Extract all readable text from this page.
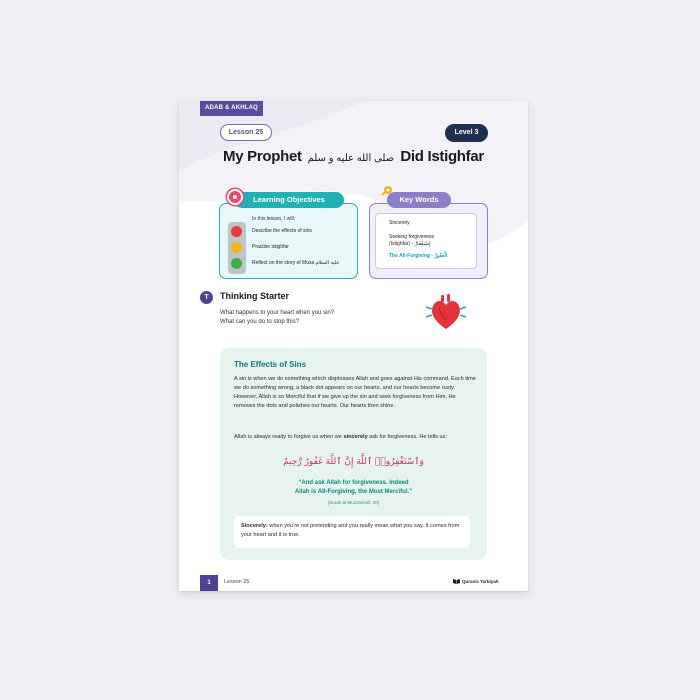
ADAB & AKHLAQ
Lesson 25	Level 3
My Prophet صلى الله عليه و سلم Did Istighfar
Learning Objectives
In this lesson, I will:
Describe the effects of sins
Practise istighfar
Reflect on the story of Musa عليه السلام
Key Words
Sincerely
Seeking forgiveness
(Istighfar) - إِسْتِغْفَارٌ
The All-Forgiving - الْغَفُورُ
T	Thinking Starter
What happens to your heart when you sin?
What can you do to stop this?
The Effects of Sins
A sin is when we do something which displeases Allah and goes against His command. Each time we do something wrong, a black dot appears on our hearts, and our hearts become rusty. However, Allah is so Merciful that if we give up the sin and seek forgiveness from Him, He removes the dots and polishes our hearts. Our hearts then shine.
Allah is always ready to forgive us when we sincerely ask for forgiveness. He tells us:
وَٱسْتَغْفِرُوا۟ ٱللَّهَ إِنَّ ٱللَّهَ غَفُورٌ رَّحِيمٌ
“And ask Allah for forgiveness. Indeed
Allah is All-Forgiving, the Most Merciful.”
(Surah al-Muzzammil: 20)
Sincerely: when you're not pretending and you really mean what you say. It comes from your heart and it is true.
1	Lesson 25	Quranic Tarbiyah
